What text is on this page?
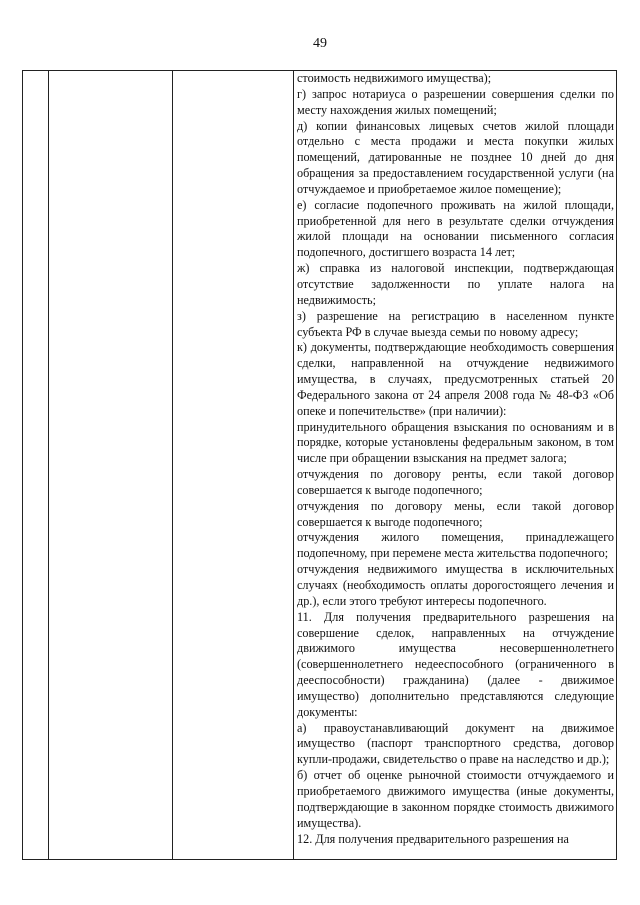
49
стоимость недвижимого имущества);
г) запрос нотариуса о разрешении совершения сделки по месту нахождения жилых помещений;
д) копии финансовых лицевых счетов жилой площади отдельно с места продажи и места покупки жилых помещений, датированные не позднее 10 дней до дня обращения за предоставлением государственной услуги (на отчуждаемое и приобретаемое жилое помещение);
е) согласие подопечного проживать на жилой площади, приобретенной для него в результате сделки отчуждения жилой площади на основании письменного согласия подопечного, достигшего возраста 14 лет;
ж) справка из налоговой инспекции, подтверждающая отсутствие задолженности по уплате налога на недвижимость;
з) разрешение на регистрацию в населенном пункте субъекта РФ в случае выезда семьи по новому адресу;
к) документы, подтверждающие необходимость совершения сделки, направленной на отчуждение недвижимого имущества, в случаях, предусмотренных статьей 20 Федерального закона от 24 апреля 2008 года № 48-ФЗ «Об опеке и попечительстве» (при наличии):
принудительного обращения взыскания по основаниям и в порядке, которые установлены федеральным законом, в том числе при обращении взыскания на предмет залога;
отчуждения по договору ренты, если такой договор совершается к выгоде подопечного;
отчуждения по договору мены, если такой договор совершается к выгоде подопечного;
отчуждения жилого помещения, принадлежащего подопечному, при перемене места жительства подопечного;
отчуждения недвижимого имущества в исключительных случаях (необходимость оплаты дорогостоящего лечения и др.), если этого требуют интересы подопечного.
11. Для получения предварительного разрешения на совершение сделок, направленных на отчуждение движимого имущества несовершеннолетнего (совершеннолетнего недееспособного (ограниченного в дееспособности) гражданина) (далее - движимое имущество) дополнительно представляются следующие документы:
а) правоустанавливающий документ на движимое имущество (паспорт транспортного средства, договор купли-продажи, свидетельство о праве на наследство и др.);
б) отчет об оценке рыночной стоимости отчуждаемого и приобретаемого движимого имущества (иные документы, подтверждающие в законном порядке стоимость движимого имущества).
12. Для получения предварительного разрешения на
